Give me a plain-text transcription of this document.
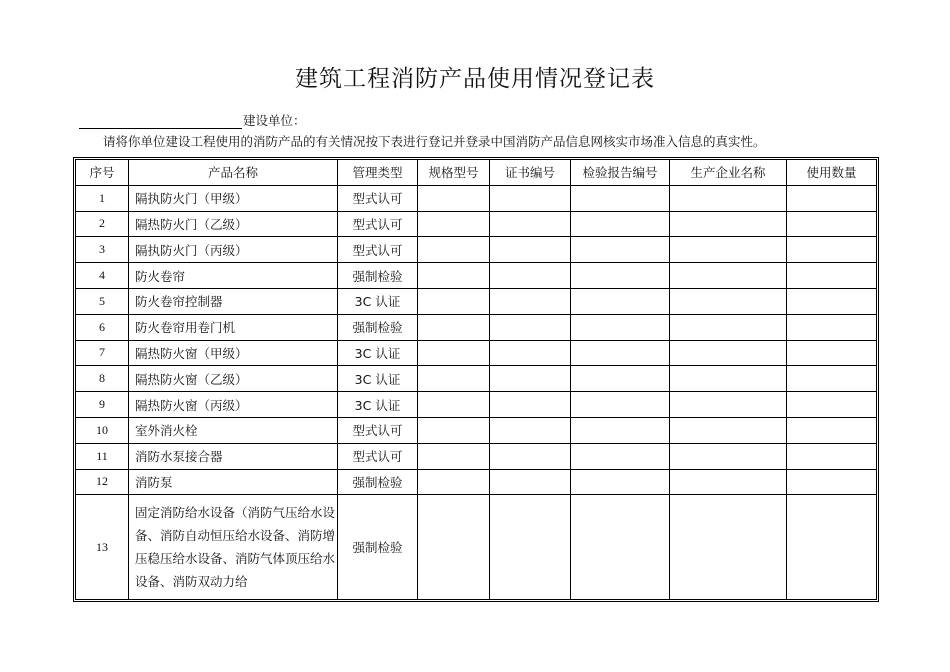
建筑工程消防产品使用情况登记表
建设单位：
请将你单位建设工程使用的消防产品的有关情况按下表进行登记并登录中国消防产品信息网核实市场准入信息的真实性。
序号	产品名称	管理类型	规格型号	证书编号	检验报告编号	生产企业名称	使用数量
1	隔执防火门（甲级）	型式认可					
2	隔热防火门（乙级）	型式认可					
3	隔执防火门（丙级）	型式认可					
4	防火卷帘	强制检验					
5	防火卷帘控制器	3C 认证					
6	防火卷帘用卷门机	强制检验					
7	隔热防火窗（甲级）	3C 认证					
8	隔热防火窗（乙级）	3C 认证					
9	隔热防火窗（丙级）	3C 认证					
10	室外消火栓	型式认可					
11	消防水泵接合器	型式认可					
12	消防泵	强制检验					
13	固定消防给水设备（消防气压给水设备、消防自动恒压给水设备、消防增压稳压给水设备、消防气体顶压给水设备、消防双动力给	强制检验					
